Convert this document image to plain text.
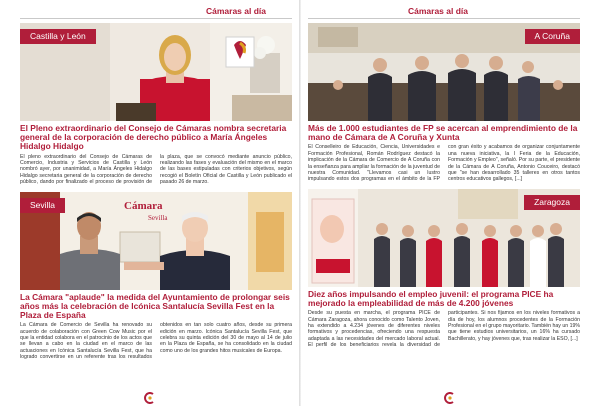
Cámaras al día
Castilla y León
El Pleno extraordinario del Consejo de Cámaras nombra secretaria general de la corporación de derecho público a María Ángeles Hidalgo Hidalgo
El pleno extraordinario del Consejo de Cámaras de Comercio, Industria y Servicios de Castilla y León nombró ayer, por unanimidad, a María Ángeles Hidalgo Hidalgo secretaria general de la corporación de derecho público, dando por finalizado el proceso de provisión de la plaza, que se convocó mediante anuncio público, realizando las fases y evaluación del mismo en el marco de las bases estipuladas con criterios objetivos, según recogió el Boletín Oficial de Castilla y León publicado el pasado 26 de marzo.
Sevilla	Cámara
Sevilla
La Cámara "aplaude" la medida del Ayuntamiento de prolongar seis años más la celebración de Icónica Santalucía Sevilla Fest en la Plaza de España
La Cámara de Comercio de Sevilla ha renovado su acuerdo de colaboración con Green Cow Music por el que la entidad colabora en el patrocinio de los actos que se llevan a cabo en la ciudad en el marco de las actuaciones en Icónica Santalucía Sevilla Fest, que ha logrado convertirse en un referente tras los resultados obtenidos en tan solo cuatro años, desde su primera edición en marzo. Icónica Santalucía Sevilla Fest, que celebra su quinta edición del 30 de mayo al 14 de julio en la Plaza de España, se ha consolidado en la ciudad como uno de los grandes hitos musicales de Europa.
Cámaras al día
A Coruña
Más de 1.000 estudiantes de FP se acercan al emprendimiento de la mano de Cámara de A Coruña y Xunta
El Conselleiro de Educación, Ciencia, Universidades e Formación Profesional, Román Rodríguez destacó la implicación de la Cámara de Comercio de A Coruña con la enseñanza para ampliar la formación de la juventud de nuestra Comunidad. "Llevamos casi un lustro impulsando estos dos programas en el ámbito de la FP con gran éxito y acabamos de organizar conjuntamente una nueva iniciativa, la I Feria de la Educación, Formación y Empleo", señaló. Por su parte, el presidente de la Cámara de A Coruña, Antonio Couceiro, destacó que "se han desarrollado 35 talleres en otros tantos centros educativos gallegos, [...]
Zaragoza
Diez años impulsando el empleo juvenil: el programa PICE ha mejorado la empleabilidad de más de 4.200 jóvenes
Desde su puesta en marcha, el programa PICE de Cámara Zaragoza, ahora conocido como Talento Joven, ha extendido a 4.234 jóvenes de diferentes niveles formativos y procedencias, ofreciendo una respuesta adaptada a las necesidades del mercado laboral actual. El perfil de los beneficiarios revela la diversidad de participantes. Si nos fijamos en los niveles formativos a día de hoy, los alumnos procedentes de la Formación Profesional en el grupo mayoritario. También hay un 19% que tiene estudios universitarios, un 16% ha cursado Bachillerato, y hay jóvenes que, tras realizar la ESO, [...]
